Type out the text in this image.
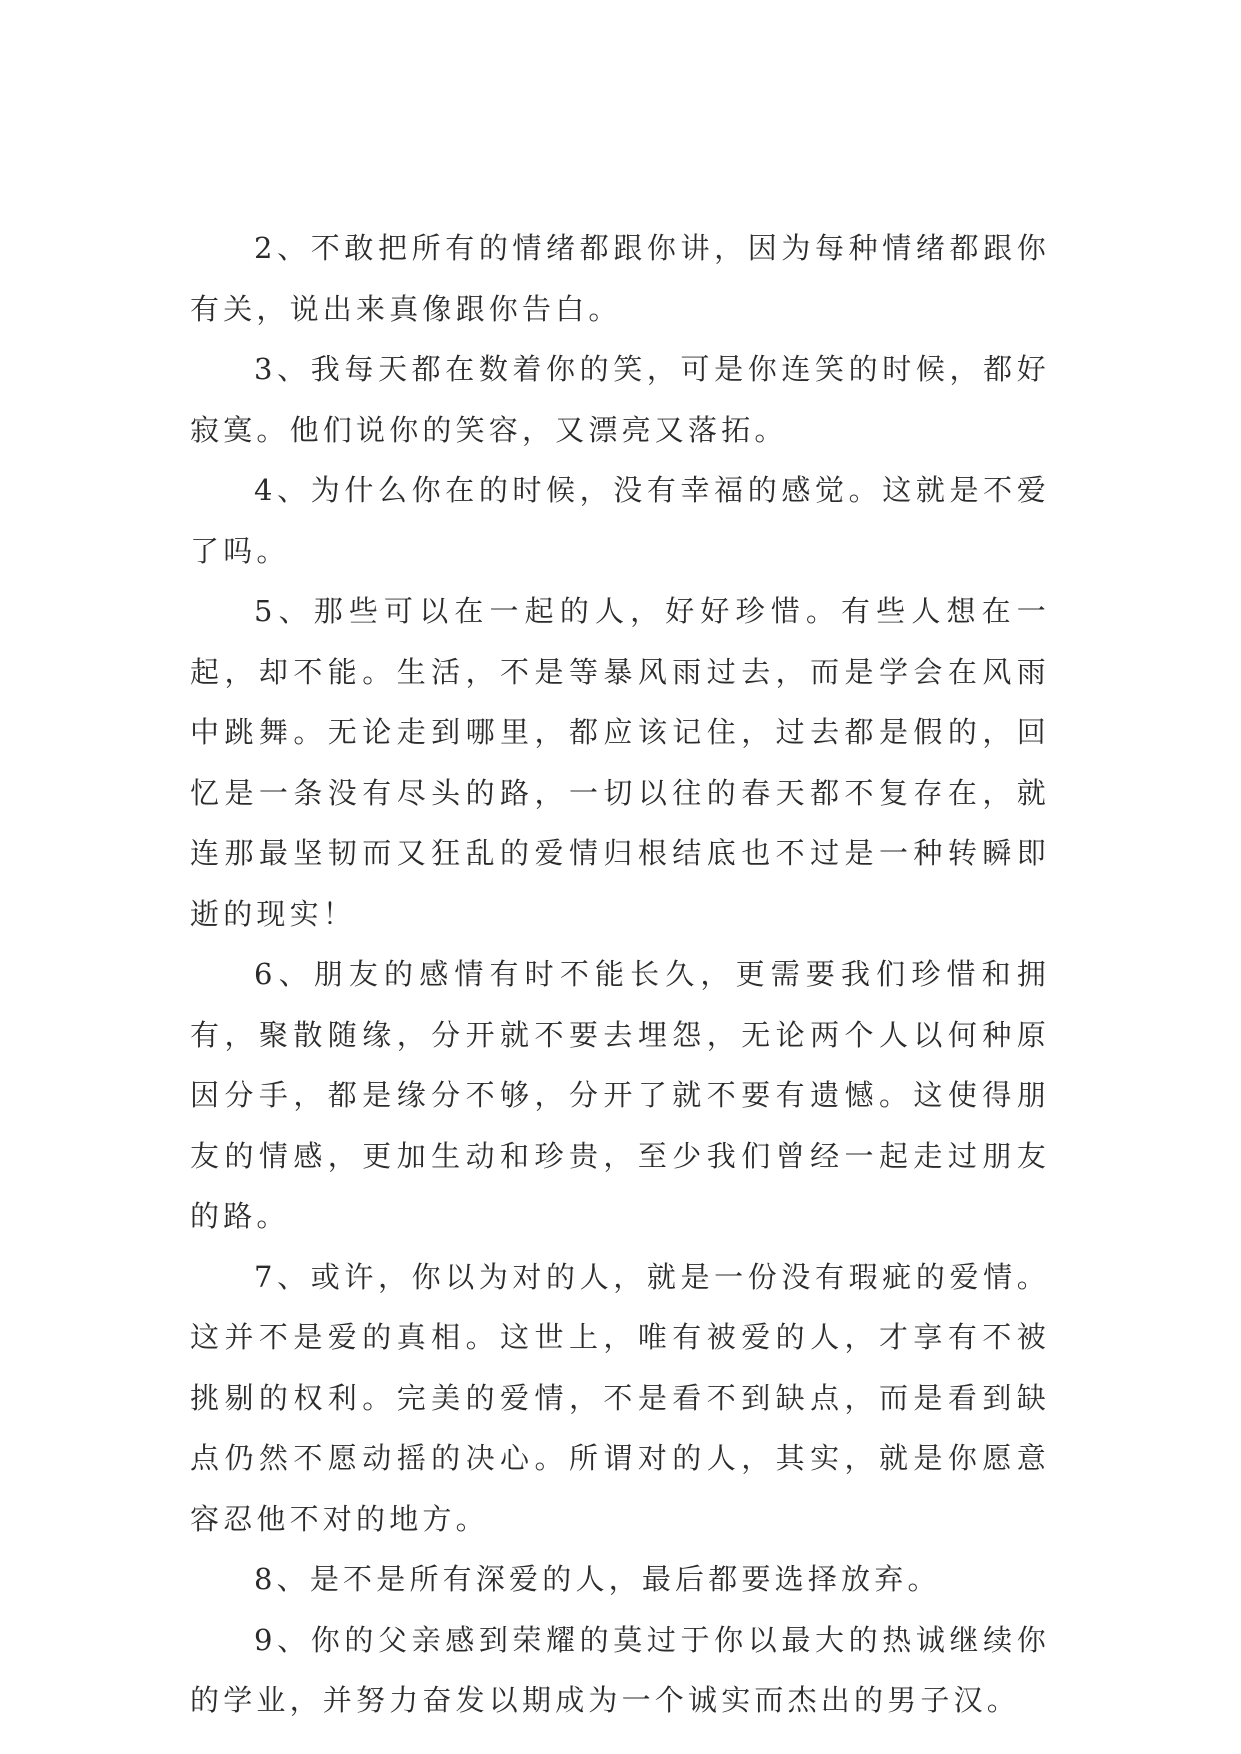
2、不敢把所有的情绪都跟你讲，因为每种情绪都跟你有关，说出来真像跟你告白。

3、我每天都在数着你的笑，可是你连笑的时候，都好寂寞。他们说你的笑容，又漂亮又落拓。

4、为什么你在的时候，没有幸福的感觉。这就是不爱了吗。

5、那些可以在一起的人，好好珍惜。有些人想在一起，却不能。生活，不是等暴风雨过去，而是学会在风雨中跳舞。无论走到哪里，都应该记住，过去都是假的，回忆是一条没有尽头的路，一切以往的春天都不复存在，就连那最坚韧而又狂乱的爱情归根结底也不过是一种转瞬即逝的现实！

6、朋友的感情有时不能长久，更需要我们珍惜和拥有，聚散随缘，分开就不要去埋怨，无论两个人以何种原因分手，都是缘分不够，分开了就不要有遗憾。这使得朋友的情感，更加生动和珍贵，至少我们曾经一起走过朋友的路。

7、或许，你以为对的人，就是一份没有瑕疵的爱情。这并不是爱的真相。这世上，唯有被爱的人，才享有不被挑剔的权利。完美的爱情，不是看不到缺点，而是看到缺点仍然不愿动摇的决心。所谓对的人，其实，就是你愿意容忍他不对的地方。

8、是不是所有深爱的人，最后都要选择放弃。

9、你的父亲感到荣耀的莫过于你以最大的热诚继续你的学业，并努力奋发以期成为一个诚实而杰出的男子汉。
